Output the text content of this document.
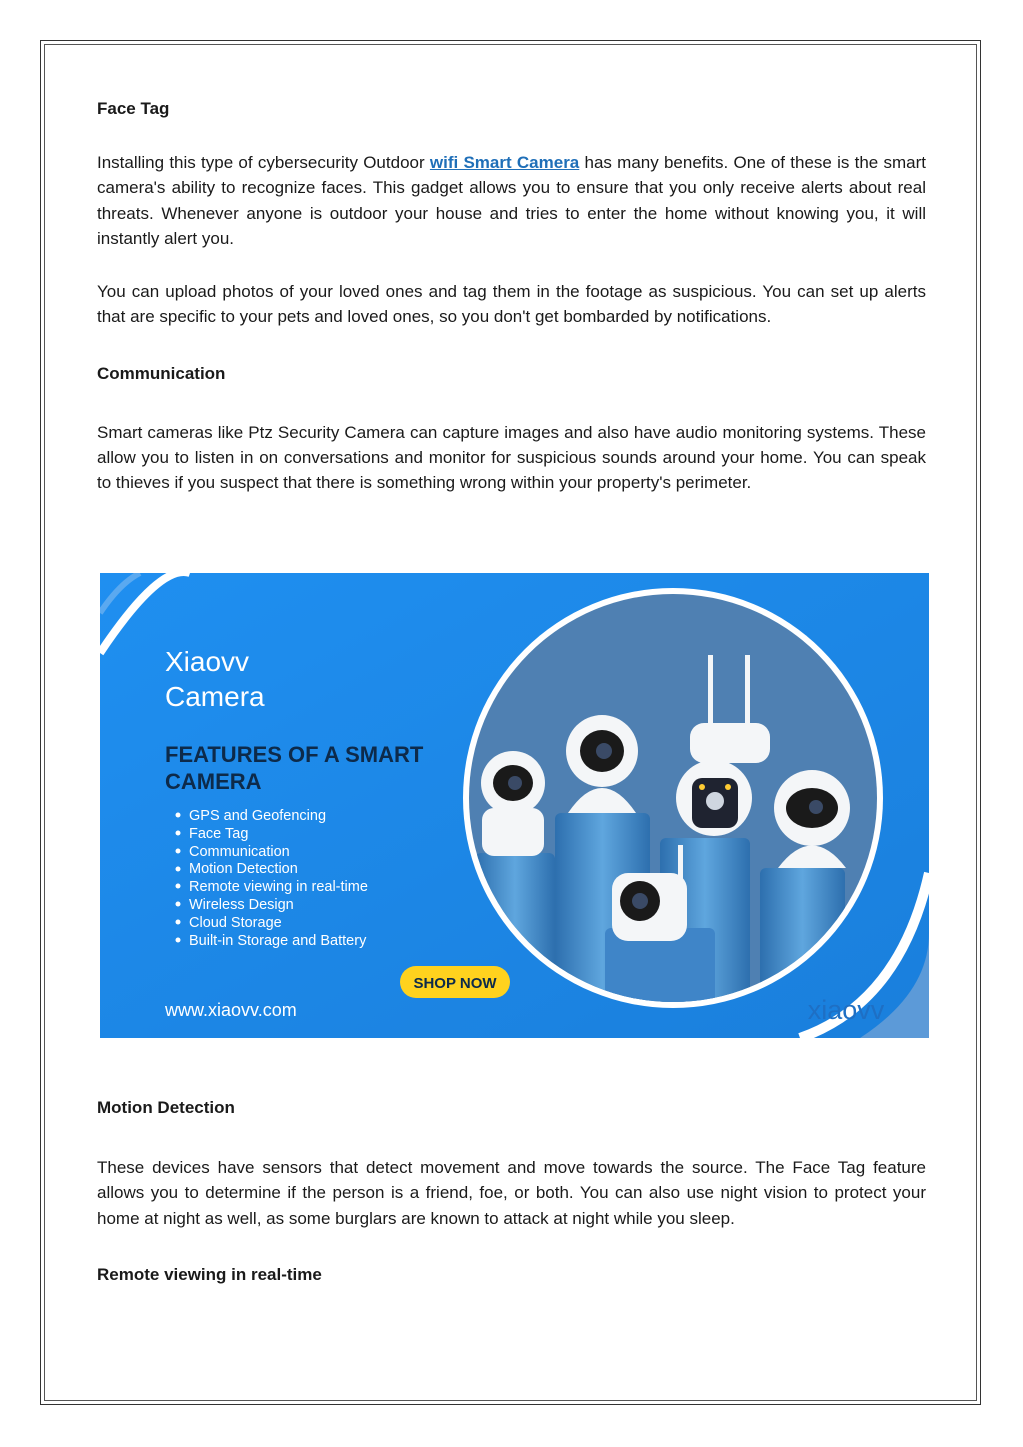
Face Tag

Installing this type of cybersecurity Outdoor wifi Smart Camera has many benefits. One of these is the smart camera's ability to recognize faces. This gadget allows you to ensure that you only receive alerts about real threats. Whenever anyone is outdoor your house and tries to enter the home without knowing you, it will instantly alert you.

You can upload photos of your loved ones and tag them in the footage as suspicious. You can set up alerts that are specific to your pets and loved ones, so you don't get bombarded by notifications.

Communication

Smart cameras like Ptz Security Camera can capture images and also have audio monitoring systems. These allow you to listen in on conversations and monitor for suspicious sounds around your home. You can speak to thieves if you suspect that there is something wrong within your property's perimeter.

Xiaovv
Camera
FEATURES OF A SMART
CAMERA
GPS and Geofencing
Face Tag
Communication
Motion Detection
Remote viewing in real-time
Wireless Design
Cloud Storage
Built-in Storage and Battery
SHOP NOW
www.xiaovv.com	xiaovv
Motion Detection

These devices have sensors that detect movement and move towards the source. The Face Tag feature allows you to determine if the person is a friend, foe, or both. You can also use night vision to protect your home at night as well, as some burglars are known to attack at night while you sleep.

Remote viewing in real-time
